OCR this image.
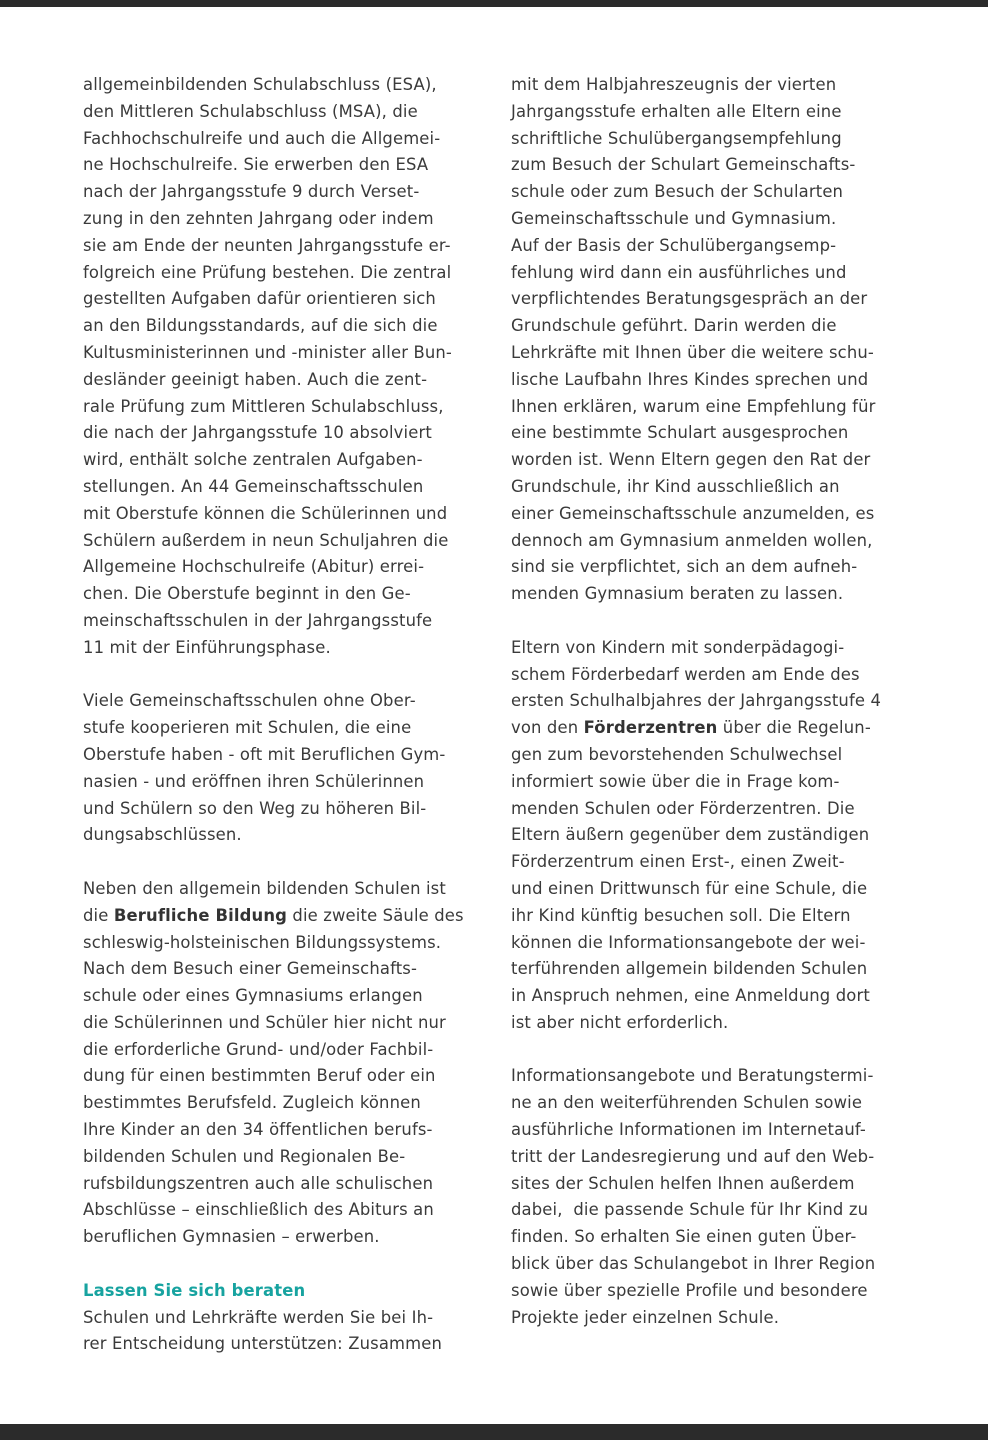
allgemeinbildenden Schulabschluss (ESA),
den Mittleren Schulabschluss (MSA), die
Fachhochschulreife und auch die Allgemei-
ne Hochschulreife. Sie erwerben den ESA
nach der Jahrgangsstufe 9 durch Verset-
zung in den zehnten Jahrgang oder indem
sie am Ende der neunten Jahrgangsstufe er-
folgreich eine Prüfung bestehen. Die zentral
gestellten Aufgaben dafür orientieren sich
an den Bildungsstandards, auf die sich die
Kultusministerinnen und -minister aller Bun-
desländer geeinigt haben. Auch die zent-
rale Prüfung zum Mittleren Schulabschluss,
die nach der Jahrgangsstufe 10 absolviert
wird, enthält solche zentralen Aufgaben-
stellungen. An 44 Gemeinschaftsschulen
mit Oberstufe können die Schülerinnen und
Schülern außerdem in neun Schuljahren die
Allgemeine Hochschulreife (Abitur) errei-
chen. Die Oberstufe beginnt in den Ge-
meinschaftsschulen in der Jahrgangsstufe
11 mit der Einführungsphase.
Viele Gemeinschaftsschulen ohne Ober-
stufe kooperieren mit Schulen, die eine
Oberstufe haben - oft mit Beruflichen Gym-
nasien - und eröffnen ihren Schülerinnen
und Schülern so den Weg zu höheren Bil-
dungsabschlüssen.
Neben den allgemein bildenden Schulen ist
die Berufliche Bildung die zweite Säule des
schleswig-holsteinischen Bildungssystems.
Nach dem Besuch einer Gemeinschafts-
schule oder eines Gymnasiums erlangen
die Schülerinnen und Schüler hier nicht nur
die erforderliche Grund- und/oder Fachbil-
dung für einen bestimmten Beruf oder ein
bestimmtes Berufsfeld. Zugleich können
Ihre Kinder an den 34 öffentlichen berufs-
bildenden Schulen und Regionalen Be-
rufsbildungszentren auch alle schulischen
Abschlüsse – einschließlich des Abiturs an
beruflichen Gymnasien – erwerben.
Lassen Sie sich beraten
Schulen und Lehrkräfte werden Sie bei Ih-
rer Entscheidung unterstützen: Zusammen
mit dem Halbjahreszeugnis der vierten
Jahrgangsstufe erhalten alle Eltern eine
schriftliche Schulübergangsempfehlung
zum Besuch der Schulart Gemeinschafts-
schule oder zum Besuch der Schularten
Gemeinschaftsschule und Gymnasium.
Auf der Basis der Schulübergangsemp-
fehlung wird dann ein ausführliches und
verpflichtendes Beratungsgespräch an der
Grundschule geführt. Darin werden die
Lehrkräfte mit Ihnen über die weitere schu-
lische Laufbahn Ihres Kindes sprechen und
Ihnen erklären, warum eine Empfehlung für
eine bestimmte Schulart ausgesprochen
worden ist. Wenn Eltern gegen den Rat der
Grundschule, ihr Kind ausschließlich an
einer Gemeinschaftsschule anzumelden, es
dennoch am Gymnasium anmelden wollen,
sind sie verpflichtet, sich an dem aufneh-
menden Gymnasium beraten zu lassen.
Eltern von Kindern mit sonderpädagogi-
schem Förderbedarf werden am Ende des
ersten Schulhalbjahres der Jahrgangsstufe 4
von den Förderzentren über die Regelun-
gen zum bevorstehenden Schulwechsel
informiert sowie über die in Frage kom-
menden Schulen oder Förderzentren. Die
Eltern äußern gegenüber dem zuständigen
Förderzentrum einen Erst-, einen Zweit-
und einen Drittwunsch für eine Schule, die
ihr Kind künftig besuchen soll. Die Eltern
können die Informationsangebote der wei-
terführenden allgemein bildenden Schulen
in Anspruch nehmen, eine Anmeldung dort
ist aber nicht erforderlich.
Informationsangebote und Beratungstermi-
ne an den weiterführenden Schulen sowie
ausführliche Informationen im Internetauf-
tritt der Landesregierung und auf den Web-
sites der Schulen helfen Ihnen außerdem
dabei,  die passende Schule für Ihr Kind zu
finden. So erhalten Sie einen guten Über-
blick über das Schulangebot in Ihrer Region
sowie über spezielle Profile und besondere
Projekte jeder einzelnen Schule.
